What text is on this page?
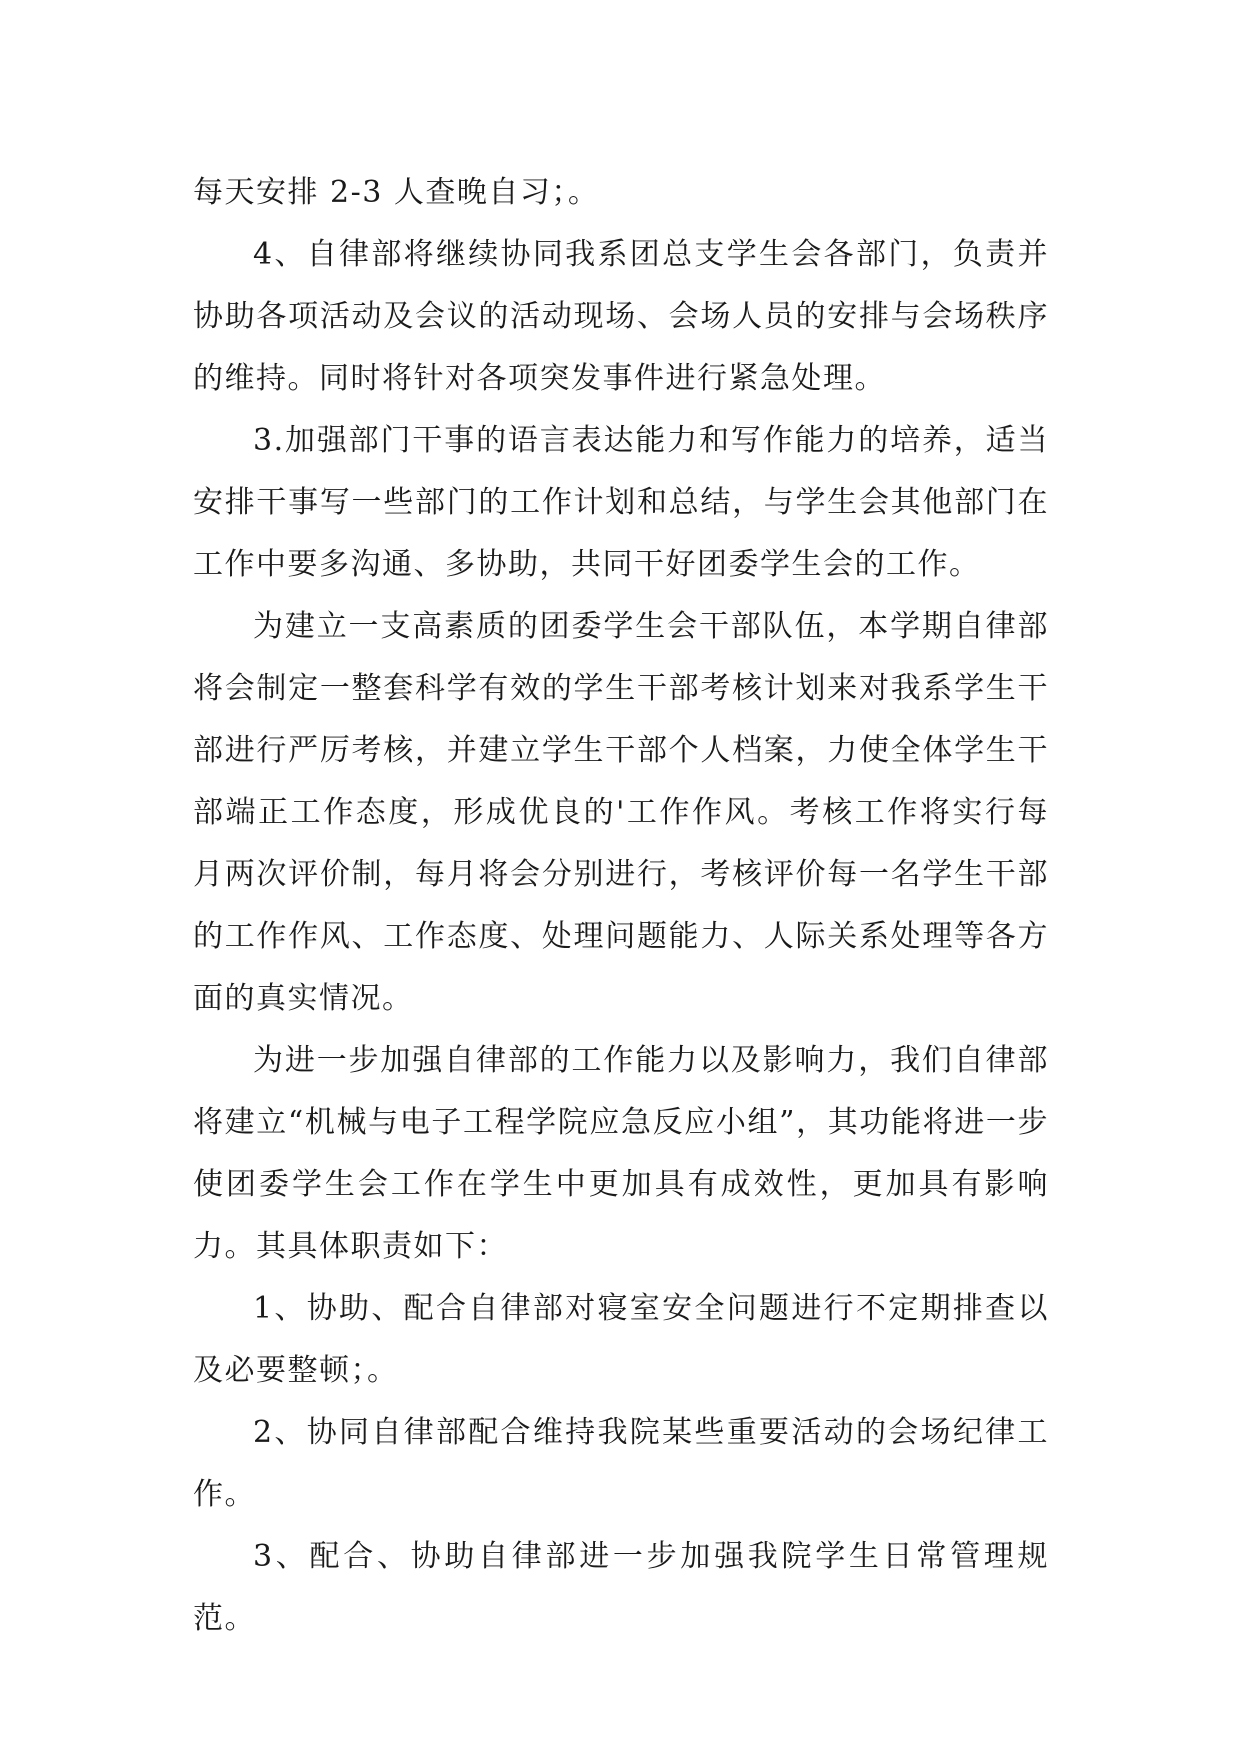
每天安排 2-3 人查晚自习；。

4、自律部将继续协同我系团总支学生会各部门，负责并协助各项活动及会议的活动现场、会场人员的安排与会场秩序的维持。同时将针对各项突发事件进行紧急处理。

3.加强部门干事的语言表达能力和写作能力的培养，适当安排干事写一些部门的工作计划和总结，与学生会其他部门在工作中要多沟通、多协助，共同干好团委学生会的工作。

为建立一支高素质的团委学生会干部队伍，本学期自律部将会制定一整套科学有效的学生干部考核计划来对我系学生干部进行严厉考核，并建立学生干部个人档案，力使全体学生干部端正工作态度，形成优良的'工作作风。考核工作将实行每月两次评价制，每月将会分别进行，考核评价每一名学生干部的工作作风、工作态度、处理问题能力、人际关系处理等各方面的真实情况。

为进一步加强自律部的工作能力以及影响力，我们自律部将建立“机械与电子工程学院应急反应小组”，其功能将进一步使团委学生会工作在学生中更加具有成效性，更加具有影响力。其具体职责如下：

1、协助、配合自律部对寝室安全问题进行不定期排查以及必要整顿；。

2、协同自律部配合维持我院某些重要活动的会场纪律工作。

3、配合、协助自律部进一步加强我院学生日常管理规范。
